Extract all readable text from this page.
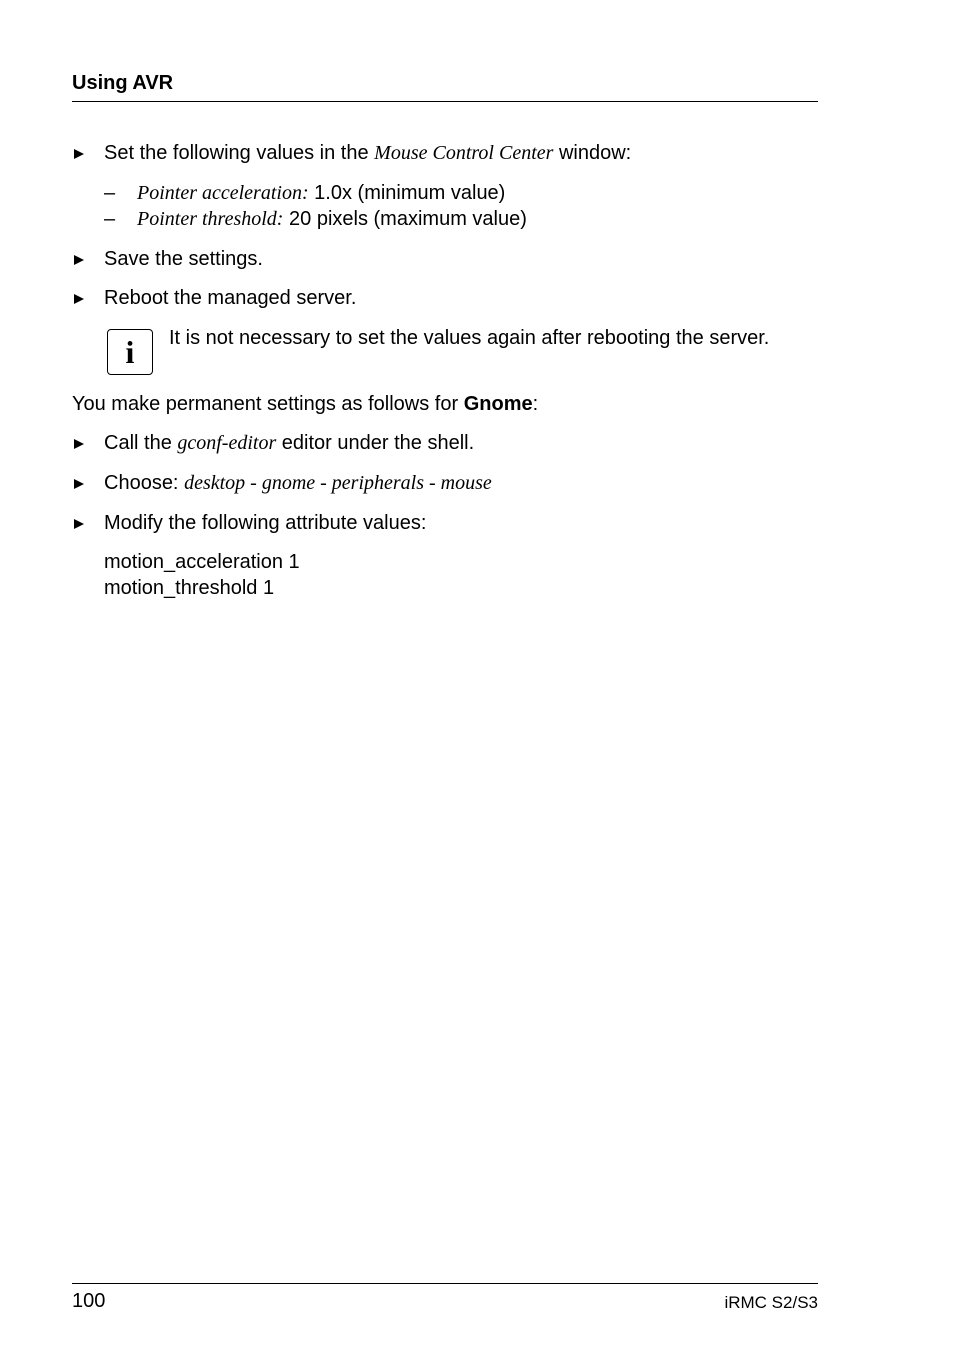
Using AVR
Set the following values in the Mouse Control Center window:
– Pointer acceleration: 1.0x (minimum value)
– Pointer threshold: 20 pixels (maximum value)
Save the settings.
Reboot the managed server.
i It is not necessary to set the values again after rebooting the server.
You make permanent settings as follows for Gnome:
Call the gconf-editor editor under the shell.
Choose: desktop - gnome - peripherals - mouse
Modify the following attribute values:
motion_acceleration 1
motion_threshold 1
100	iRMC S2/S3
